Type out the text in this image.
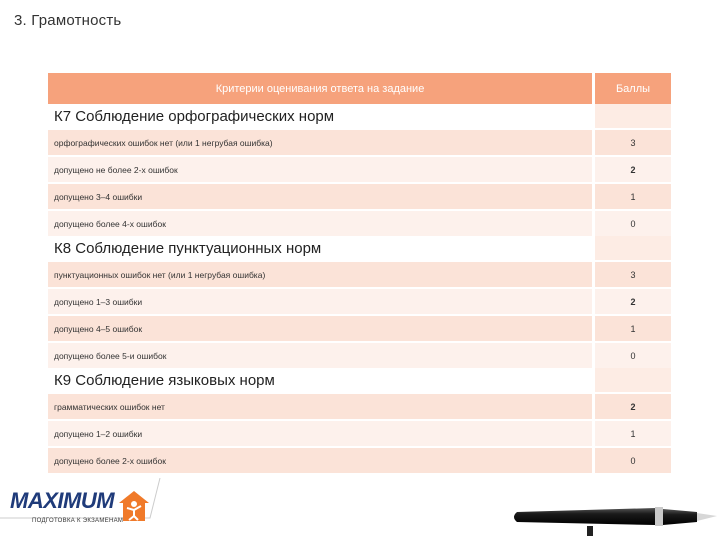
3. Грамотность
Критерии оценивания ответа на задание	Баллы
К7 Соблюдение орфографических норм	
орфографических ошибок нет (или 1 негрубая ошибка)	3
допущено не более 2-х ошибок	2
допущено 3–4 ошибки	1
допущено более 4-х ошибок	0
К8 Соблюдение пунктуационных норм	
пунктуационных ошибок нет (или 1 негрубая ошибка)	3
допущено 1–3 ошибки	2
допущено 4–5 ошибок	1
допущено более 5-и ошибок	0
К9 Соблюдение языковых норм	
грамматических ошибок нет	2
допущено 1–2 ошибки	1
допущено более 2-х ошибок	0
MAXIMUM
ПОДГОТОВКА К ЭКЗАМЕНАМ
